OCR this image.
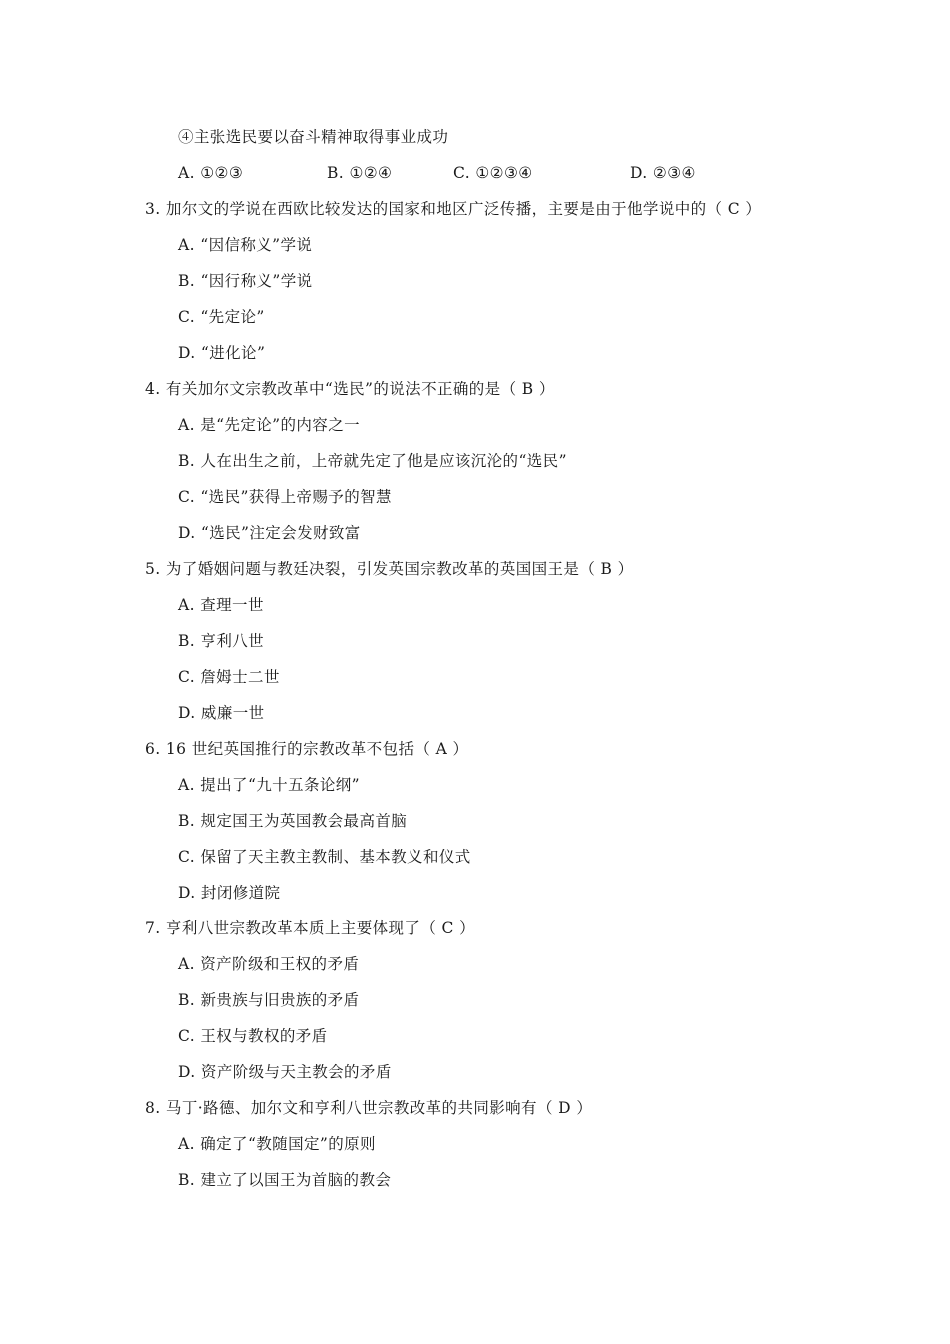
④主张选民要以奋斗精神取得事业成功
A. ①②③	B. ①②④	C. ①②③④	D. ②③④
3. 加尔文的学说在西欧比较发达的国家和地区广泛传播，主要是由于他学说中的（ C ）
A. “因信称义”学说
B. “因行称义”学说
C. “先定论”
D. “进化论”
4. 有关加尔文宗教改革中“选民”的说法不正确的是（ B ）
A. 是“先定论”的内容之一
B. 人在出生之前，上帝就先定了他是应该沉沦的“选民”
C. “选民”获得上帝赐予的智慧
D. “选民”注定会发财致富
5. 为了婚姻问题与教廷决裂，引发英国宗教改革的英国国王是（ B ）
A. 查理一世
B. 亨利八世
C. 詹姆士二世
D. 威廉一世
6. 16 世纪英国推行的宗教改革不包括（ A ）
A. 提出了“九十五条论纲”
B. 规定国王为英国教会最高首脑
C. 保留了天主教主教制、基本教义和仪式
D. 封闭修道院
7. 亨利八世宗教改革本质上主要体现了（ C ）
A. 资产阶级和王权的矛盾
B. 新贵族与旧贵族的矛盾
C. 王权与教权的矛盾
D. 资产阶级与天主教会的矛盾
8. 马丁·路德、加尔文和亨利八世宗教改革的共同影响有（ D ）
A. 确定了“教随国定”的原则
B. 建立了以国王为首脑的教会
